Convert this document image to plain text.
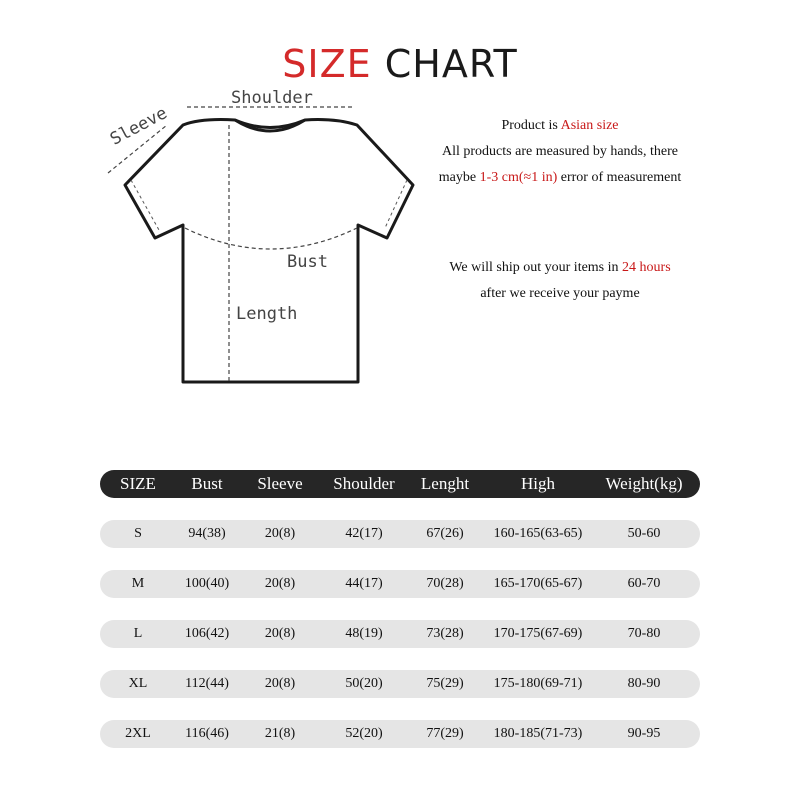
SIZE CHART
Shoulder
Sleeve
Bust
Length
Product is Asian size
All products are measured by hands, there
maybe 1-3 cm(≈1 in) error of measurement
We will ship out your items in 24 hours
after we receive your payme
SIZE	Bust	Sleeve	Shoulder	Lenght	High	Weight(kg)
S	94(38)	20(8)	42(17)	67(26)	160-165(63-65)	50-60
M	100(40)	20(8)	44(17)	70(28)	165-170(65-67)	60-70
L	106(42)	20(8)	48(19)	73(28)	170-175(67-69)	70-80
XL	112(44)	20(8)	50(20)	75(29)	175-180(69-71)	80-90
2XL	116(46)	21(8)	52(20)	77(29)	180-185(71-73)	90-95
